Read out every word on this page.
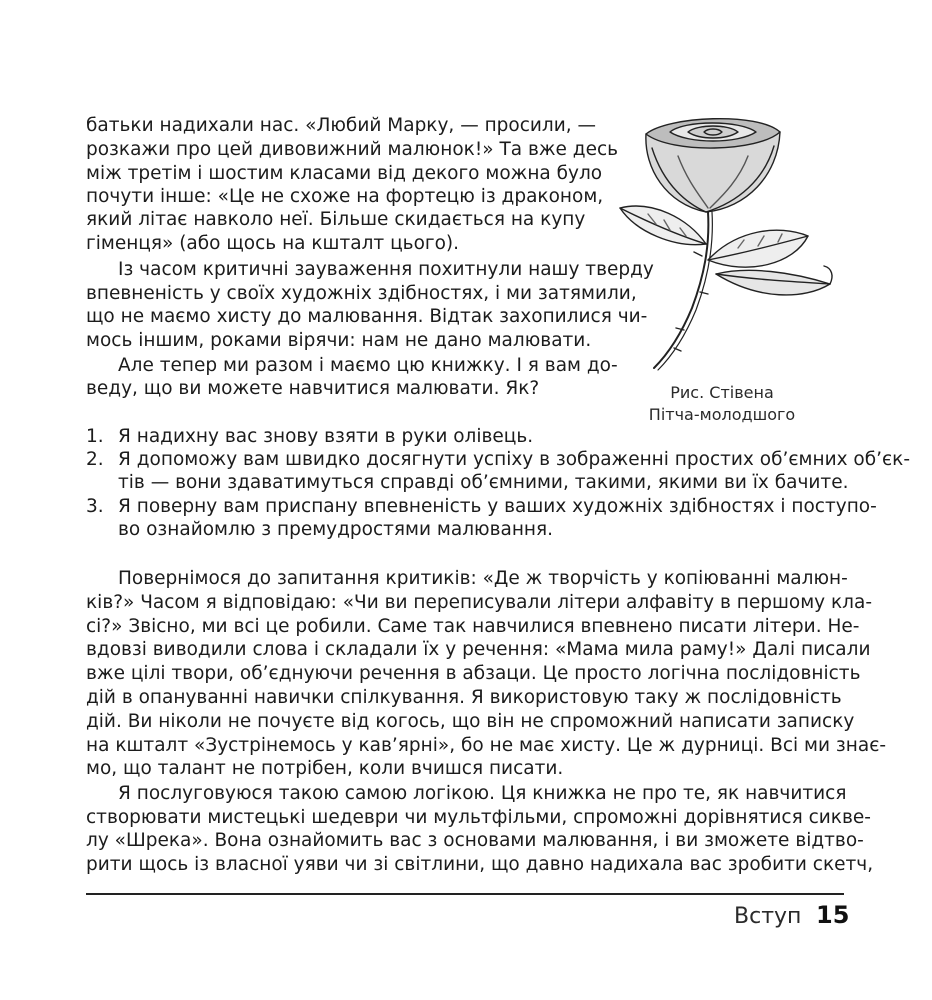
батьки надихали нас. «Любий Марку, — просили, —
розкажи про цей дивовижний малюнок!» Та вже десь
між третім і шостим класами від декого можна було
почути інше: «Це не схоже на фортецю із драконом,
який літає навколо неї. Більше скидається на купу
гіменця» (або щось на кшталт цього).
Із часом критичні зауваження похитнули нашу тверду
впевненість у своїх художніх здібностях, і ми затямили,
що не маємо хисту до малювання. Відтак захопилися чи-
мось іншим, роками вірячи: нам не дано малювати.
Але тепер ми разом і маємо цю книжку. І я вам до-
веду, що ви можете навчитися малювати. Як?	Рис. Стівена
Пітча-молодшого
1. Я надихну вас знову взяти в руки олівець.
2. Я допоможу вам швидко досягнути успіху в зображенні простих об’ємних об’єк-
тів — вони здаватимуться справді об’ємними, такими, якими ви їх бачите.
3. Я поверну вам приспану впевненість у ваших художніх здібностях і поступо-
во ознайомлю з премудростями малювання.
Повернімося до запитання критиків: «Де ж творчість у копіюванні малюн-
ків?» Часом я відповідаю: «Чи ви переписували літери алфавіту в першому кла-
сі?» Звісно, ми всі це робили. Саме так навчилися впевнено писати літери. Не-
вдовзі виводили слова і складали їх у речення: «Мама мила раму!» Далі писали
вже цілі твори, об’єднуючи речення в абзаци. Це просто логічна послідовність
дій в опануванні навички спілкування. Я використовую таку ж послідовність
дій. Ви ніколи не почуєте від когось, що він не спроможний написати записку
на кшталт «Зустрінемось у кав’ярні», бо не має хисту. Це ж дурниці. Всі ми знає-
мо, що талант не потрібен, коли вчишся писати.
Я послуговуюся такою самою логікою. Ця книжка не про те, як навчитися
створювати мистецькі шедеври чи мультфільми, спроможні дорівнятися сикве-
лу «Шрека». Вона ознайомить вас з основами малювання, і ви зможете відтво-
рити щось із власної уяви чи зі світлини, що давно надихала вас зробити скетч,
Вступ 15
